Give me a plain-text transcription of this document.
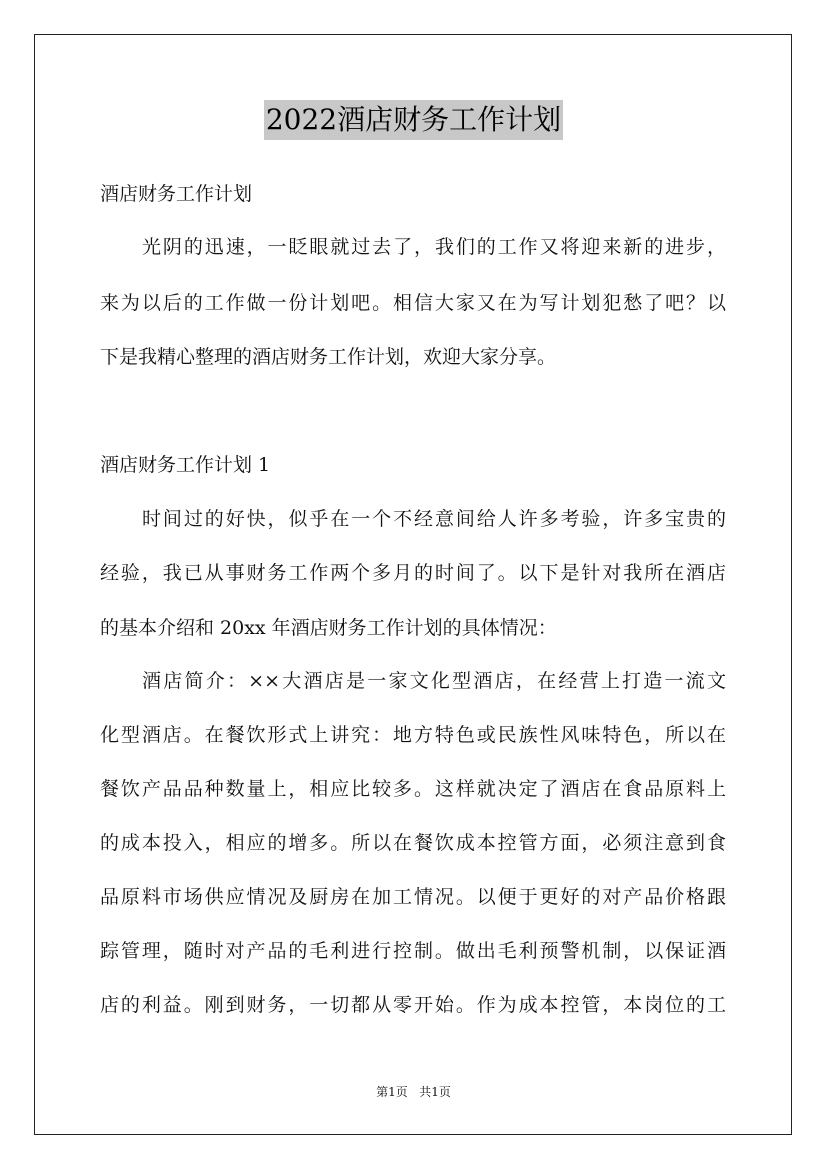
2022酒店财务工作计划
酒店财务工作计划
光阴的迅速，一眨眼就过去了，我们的工作又将迎来新的进步，
来为以后的工作做一份计划吧。相信大家又在为写计划犯愁了吧？以
下是我精心整理的酒店财务工作计划，欢迎大家分享。
酒店财务工作计划 1
时间过的好快，似乎在一个不经意间给人许多考验，许多宝贵的
经验，我已从事财务工作两个多月的时间了。以下是针对我所在酒店
的基本介绍和 20xx 年酒店财务工作计划的具体情况：
酒店简介：××大酒店是一家文化型酒店，在经营上打造一流文
化型酒店。在餐饮形式上讲究：地方特色或民族性风味特色，所以在
餐饮产品品种数量上，相应比较多。这样就决定了酒店在食品原料上
的成本投入，相应的增多。所以在餐饮成本控管方面，必须注意到食
品原料市场供应情况及厨房在加工情况。以便于更好的对产品价格跟
踪管理，随时对产品的毛利进行控制。做出毛利预警机制，以保证酒
店的利益。刚到财务，一切都从零开始。作为成本控管，本岗位的工
第1页   共1页
